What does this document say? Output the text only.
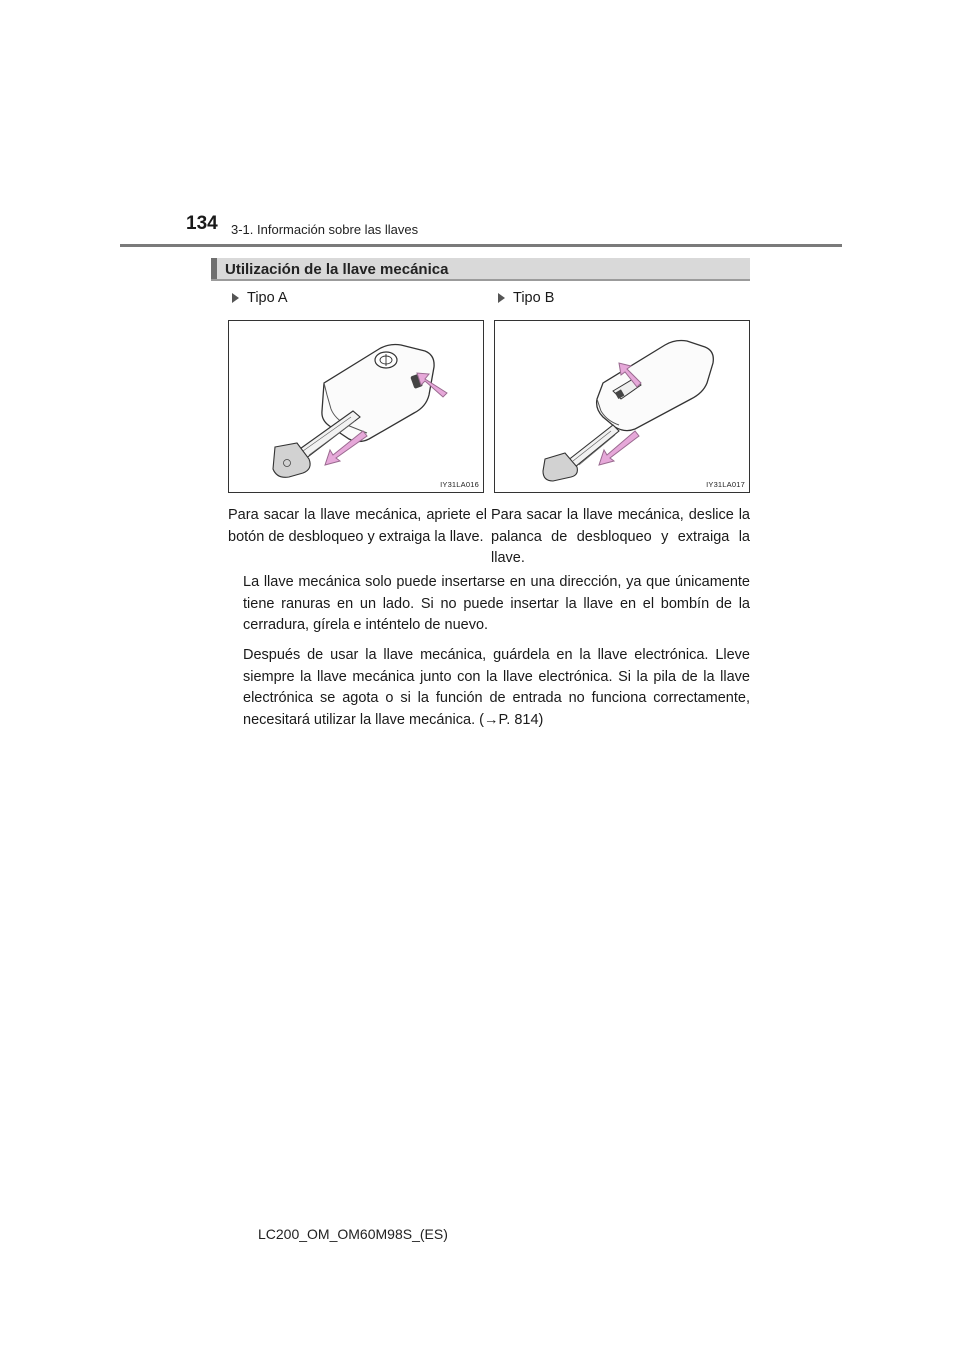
134 3-1. Información sobre las llaves
Utilización de la llave mecánica
Tipo A
IY31LA016
Para sacar la llave mecánica, apriete el botón de desbloqueo y extraiga la llave.
Tipo B
IY31LA017
Para sacar la llave mecánica, deslice la palanca de desbloqueo y extraiga la llave.

La llave mecánica solo puede insertarse en una dirección, ya que únicamente tiene ranuras en un lado. Si no puede insertar la llave en el bombín de la cerradura, gírela e inténtelo de nuevo.

Después de usar la llave mecánica, guárdela en la llave electrónica. Lleve siempre la llave mecánica junto con la llave electrónica. Si la pila de la llave electrónica se agota o si la función de entrada no funciona correctamente, necesitará utilizar la llave mecánica. (→P. 814)

LC200_OM_OM60M98S_(ES)
